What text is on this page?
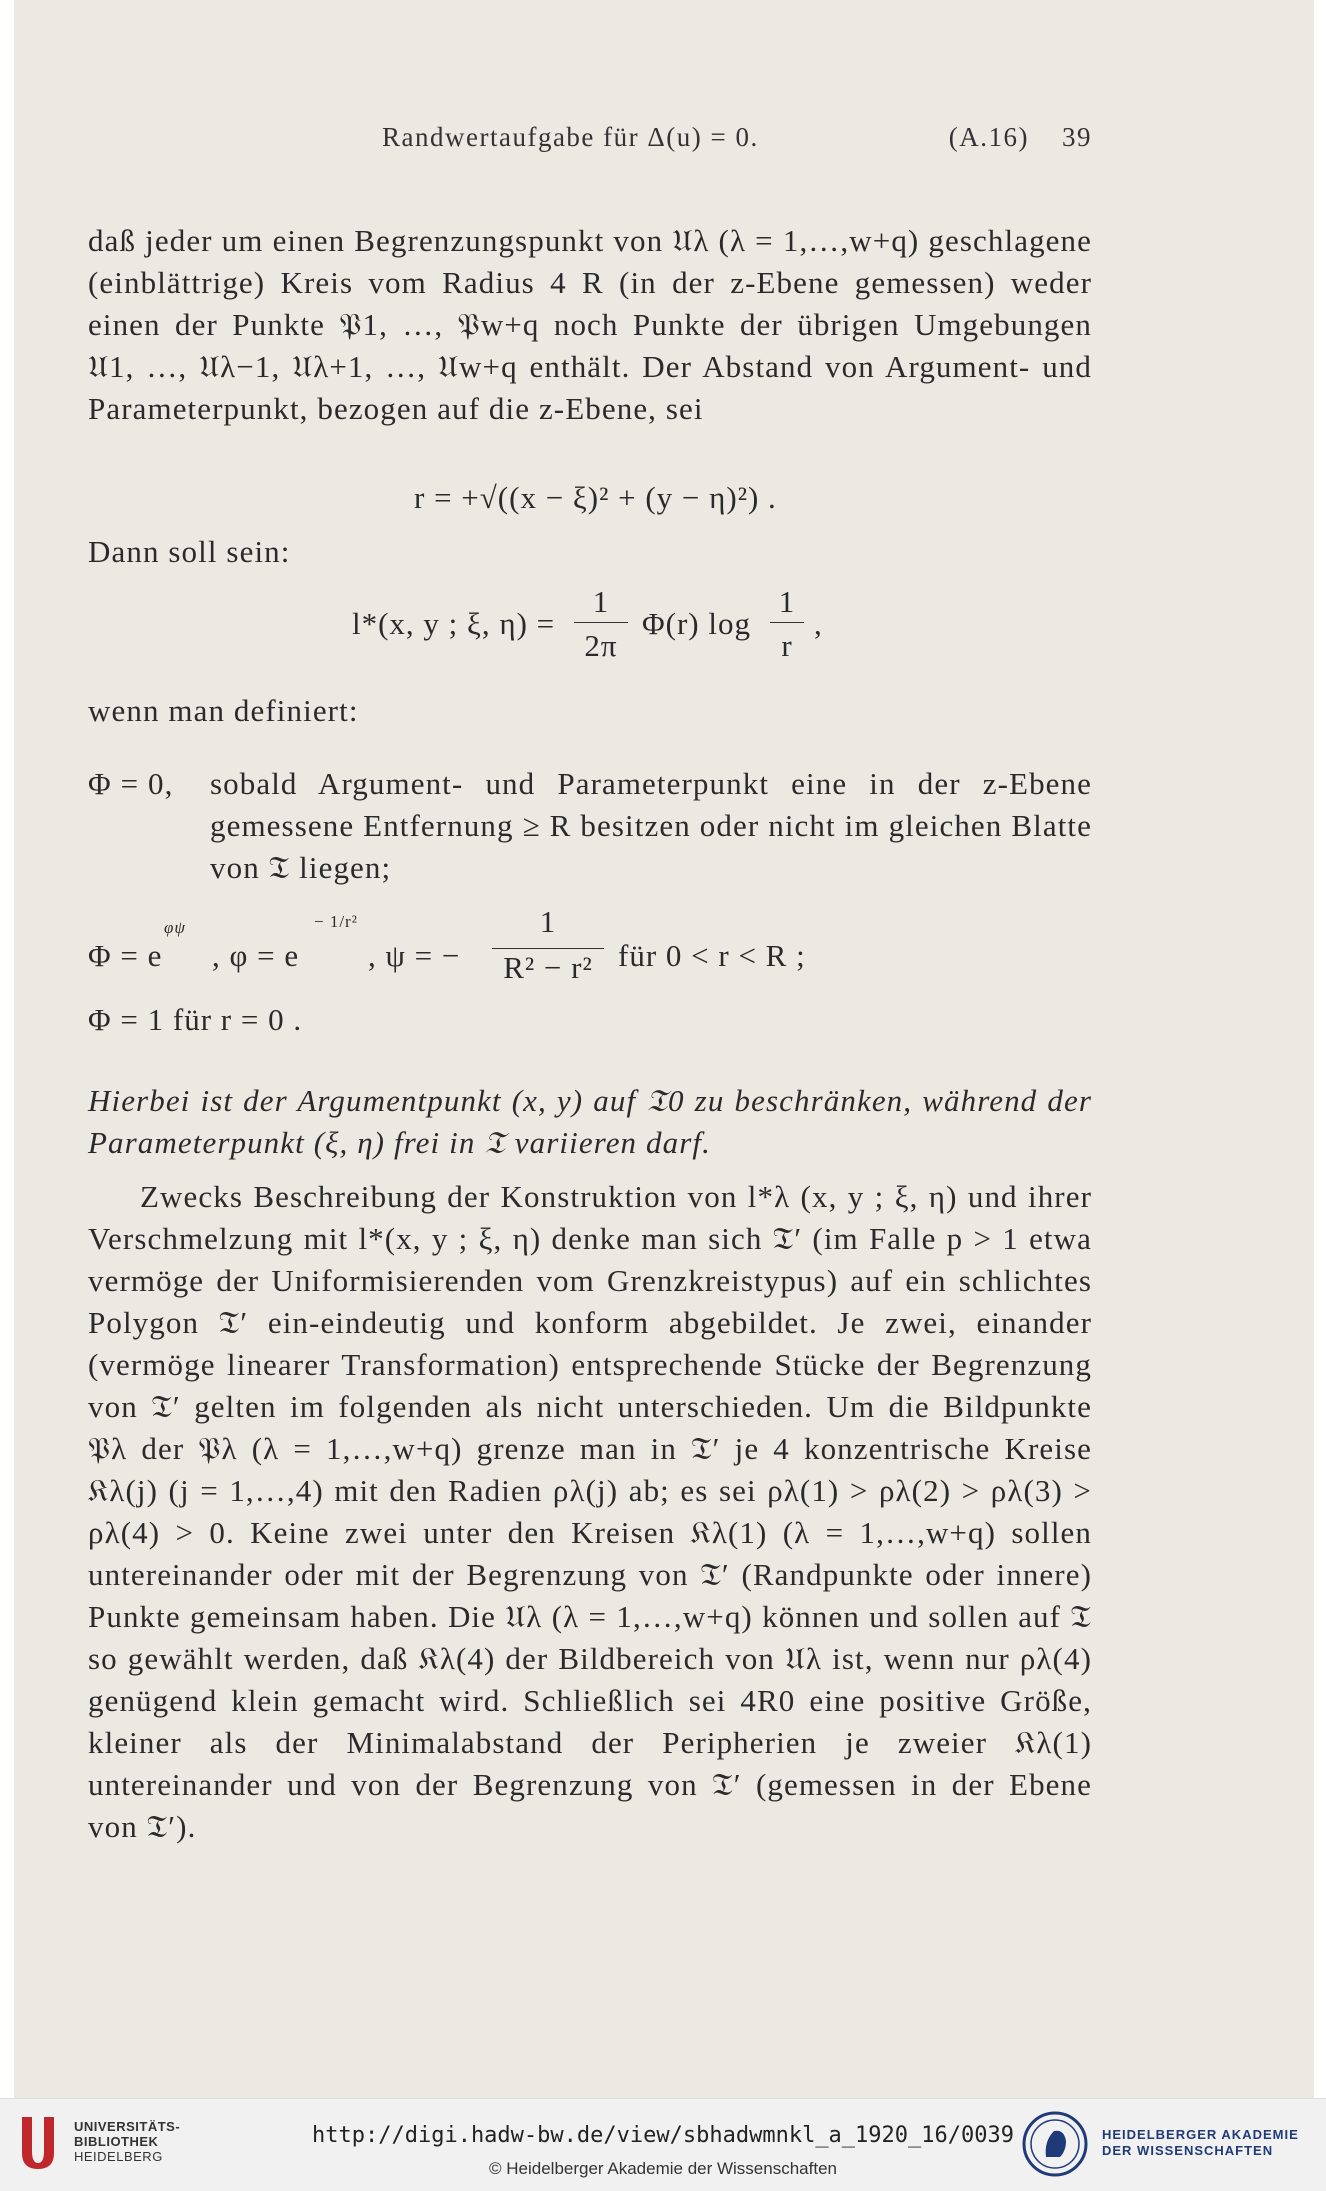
Randwertaufgabe für Δ(u) = 0.	(A.16) 39
daß jeder um einen Begrenzungspunkt von 𝔘λ (λ = 1,…,w+q) geschlagene (einblättrige) Kreis vom Radius 4 R (in der z-Ebene gemessen) weder einen der Punkte 𝔓1, …, 𝔓w+q noch Punkte der übrigen Umgebungen 𝔘1, …, 𝔘λ−1, 𝔘λ+1, …, 𝔘w+q enthält. Der Abstand von Argument- und Parameterpunkt, bezogen auf die z-Ebene, sei
r = +√((x − ξ)² + (y − η)²) .
Dann soll sein:
l*(x, y ; ξ, η) =
1
2π
Φ(r) log
1
r
,
wenn man definiert:
Φ = 0, sobald Argument- und Parameterpunkt eine in der z-Ebene gemessene Entfernung ≥ R besitzen oder nicht im gleichen Blatte von 𝔗 liegen;
Φ = e
φψ
, φ = e
− 1/r²
, ψ = −
1
R² − r² für 0 < r < R ;
Φ = 1 für r = 0 .
Hierbei ist der Argumentpunkt (x, y) auf 𝔗0 zu beschränken, während der Parameterpunkt (ξ, η) frei in 𝔗 variieren darf.
Zwecks Beschreibung der Konstruktion von l*λ (x, y ; ξ, η) und ihrer Verschmelzung mit l*(x, y ; ξ, η) denke man sich 𝔗′ (im Falle p > 1 etwa vermöge der Uniformisierenden vom Grenzkreistypus) auf ein schlichtes Polygon 𝔗′ ein-eindeutig und konform abgebildet. Je zwei, einander (vermöge linearer Transformation) entsprechende Stücke der Begrenzung von 𝔗′ gelten im folgenden als nicht unterschieden. Um die Bildpunkte 𝔓λ der 𝔓λ (λ = 1,…,w+q) grenze man in 𝔗′ je 4 konzentrische Kreise 𝔎λ(j) (j = 1,…,4) mit den Radien ρλ(j) ab; es sei ρλ(1) > ρλ(2) > ρλ(3) > ρλ(4) > 0. Keine zwei unter den Kreisen 𝔎λ(1) (λ = 1,…,w+q) sollen untereinander oder mit der Begrenzung von 𝔗′ (Randpunkte oder innere) Punkte gemeinsam haben. Die 𝔘λ (λ = 1,…,w+q) können und sollen auf 𝔗 so gewählt werden, daß 𝔎λ(4) der Bildbereich von 𝔘λ ist, wenn nur ρλ(4) genügend klein gemacht wird. Schließlich sei 4R0 eine positive Größe, kleiner als der Minimalabstand der Peripherien je zweier 𝔎λ(1) untereinander und von der Begrenzung von 𝔗′ (gemessen in der Ebene von 𝔗′).
UNIVERSITÄTS-
BIBLIOTHEK
HEIDELBERG
http://digi.hadw-bw.de/view/sbhadwmnkl_a_1920_16/0039
© Heidelberger Akademie der Wissenschaften
HEIDELBERGER AKADEMIE
DER WISSENSCHAFTEN
